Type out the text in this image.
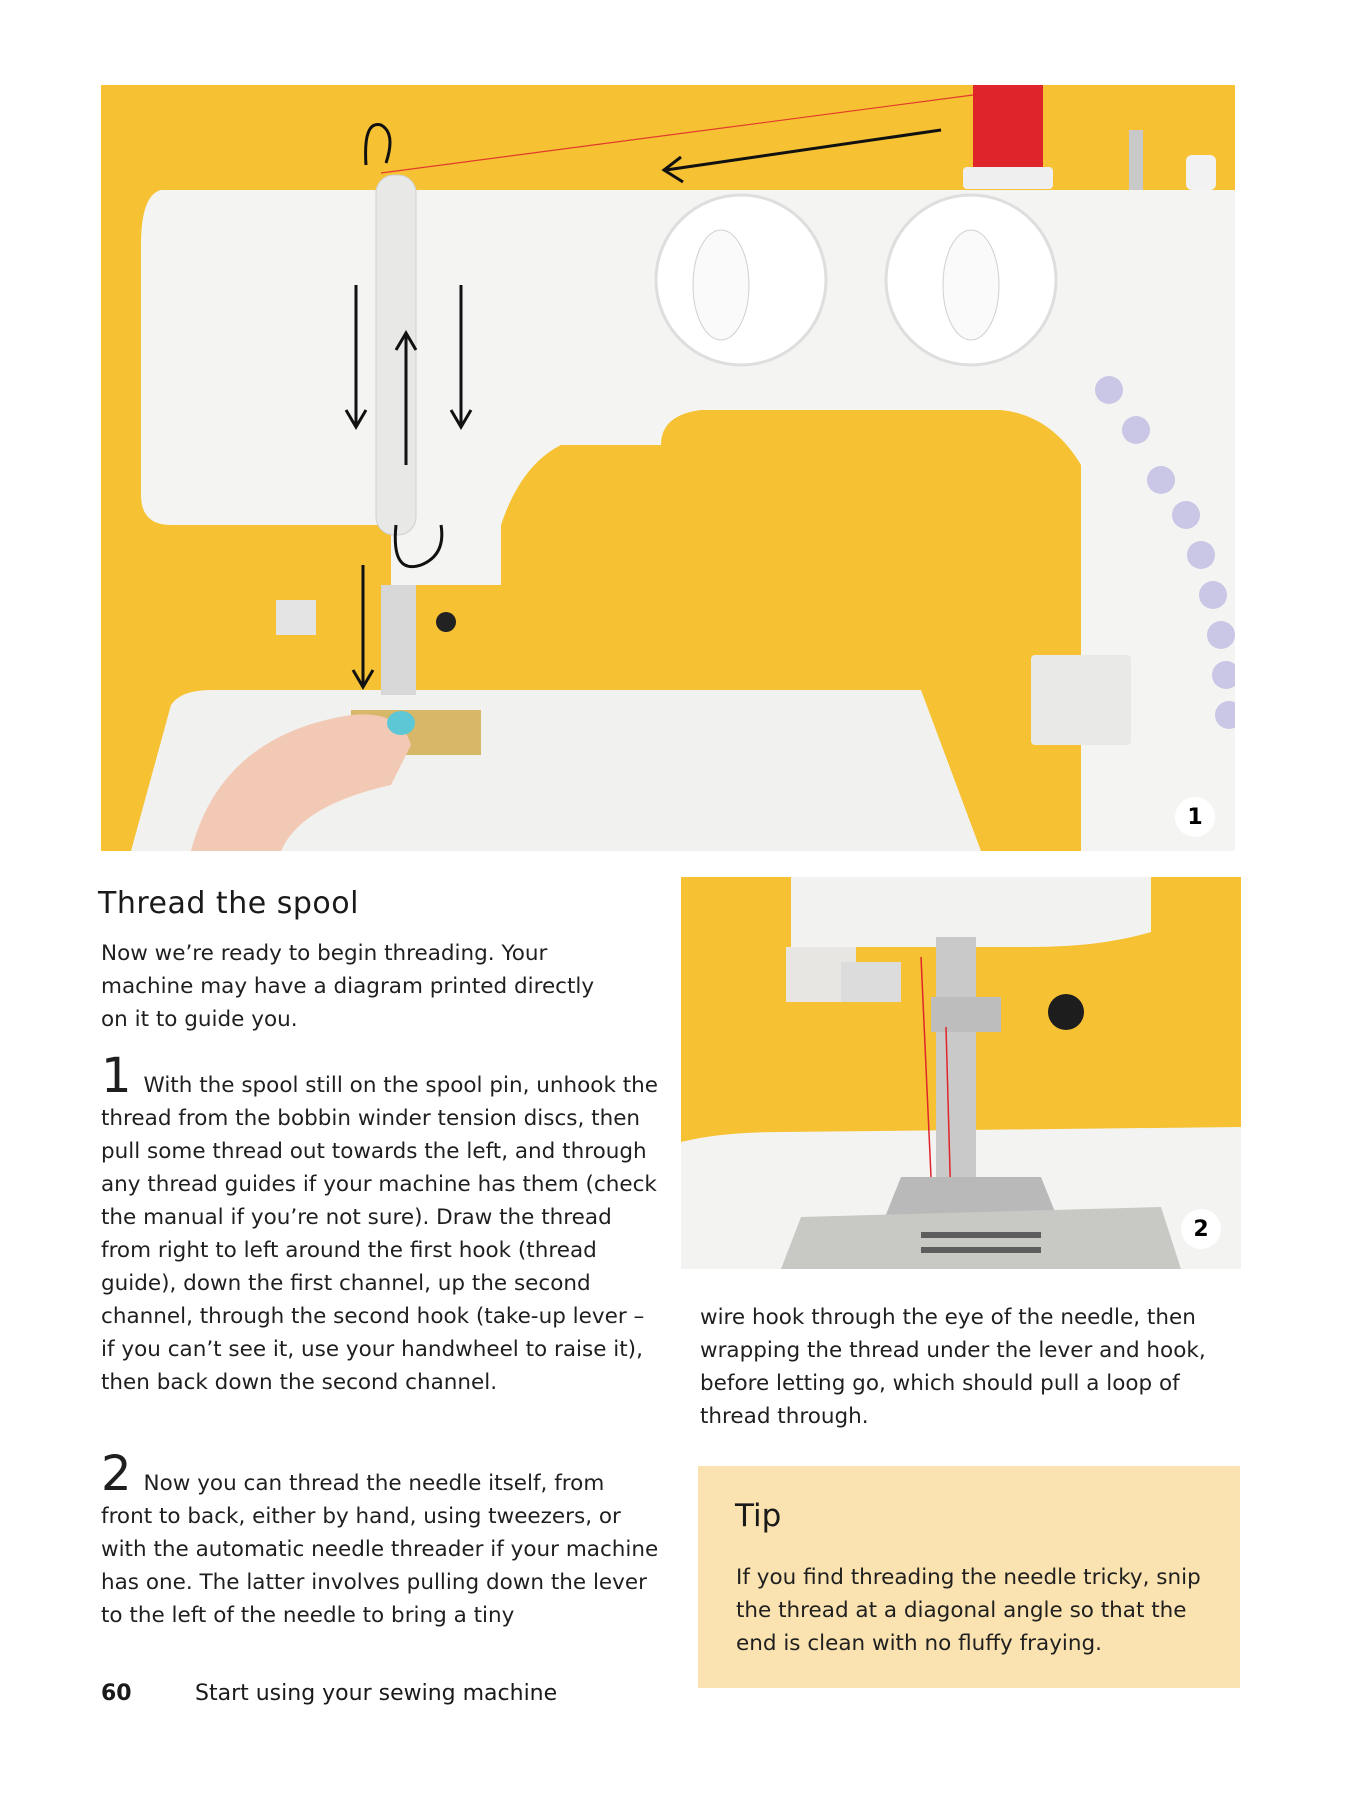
1
2
Thread the spool

Now we’re ready to begin threading. Your machine may have a diagram printed directly on it to guide you.

1 With the spool still on the spool pin, unhook the thread from the bobbin winder tension discs, then pull some thread out towards the left, and through any thread guides if your machine has them (check the manual if you’re not sure). Draw the thread from right to left around the first hook (thread guide), down the first channel, up the second channel, through the second hook (take-up lever – if you can’t see it, use your handwheel to raise it), then back down the second channel.

2 Now you can thread the needle itself, from front to back, either by hand, using tweezers, or with the automatic needle threader if your machine has one. The latter involves pulling down the lever to the left of the needle to bring a tiny

wire hook through the eye of the needle, then wrapping the thread under the lever and hook, before letting go, which should pull a loop of thread through.

Tip

If you find threading the needle tricky, snip the thread at a diagonal angle so that the end is clean with no fluffy fraying.

60	Start using your sewing machine
